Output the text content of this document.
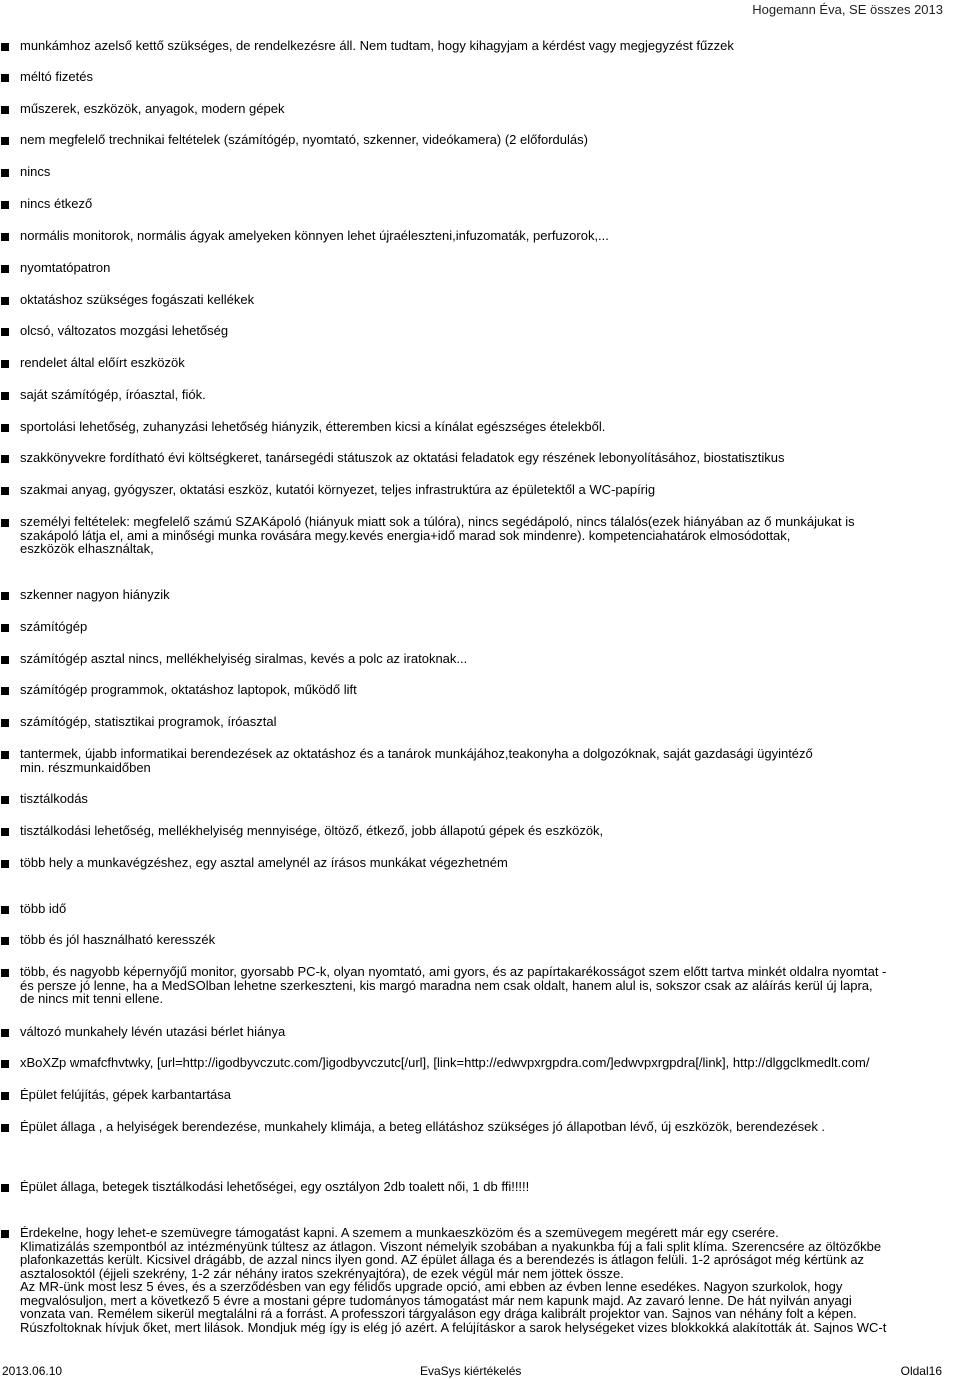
Hogemann Éva, SE összes 2013
munkámhoz azelső kettő szükséges, de rendelkezésre áll. Nem tudtam, hogy kihagyjam a kérdést vagy megjegyzést fűzzek
méltó fizetés
műszerek, eszközök, anyagok, modern gépek
nem megfelelő trechnikai feltételek (számítógép, nyomtató, szkenner, videókamera) (2 előfordulás)
nincs
nincs étkező
normális monitorok, normális ágyak amelyeken könnyen lehet újraéleszteni,infuzomaták, perfuzorok,...
nyomtatópatron
oktatáshoz szükséges fogászati kellékek
olcsó, változatos mozgási lehetőség
rendelet által előírt eszközök
saját számítógép, íróasztal, fiók.
sportolási lehetőség, zuhanyzási lehetőség hiányzik, étteremben kicsi a kínálat egészséges ételekből.
szakkönyvekre fordítható évi költségkeret, tanársegédi státuszok az oktatási feladatok egy részének lebonyolításához, biostatisztikus
szakmai anyag, gyógyszer, oktatási eszköz, kutatói környezet, teljes infrastruktúra az épületektől a WC-papírig
személyi feltételek: megfelelő számú SZAKápoló (hiányuk miatt sok a túlóra), nincs segédápoló, nincs tálalós(ezek hiányában az ő munkájukat is
szakápoló látja el, ami a minőségi munka rovására megy.kevés energia+idő marad sok mindenre). kompetenciahatárok elmosódottak,
eszközök elhasználtak,
szkenner nagyon hiányzik
számítógép
számítógép asztal nincs, mellékhelyiség siralmas, kevés a polc az iratoknak...
számítógép programmok, oktatáshoz laptopok, működő lift
számítógép, statisztikai programok, íróasztal
tantermek, újabb informatikai berendezések az oktatáshoz és a tanárok munkájához,teakonyha a dolgozóknak, saját gazdasági ügyintéző
min. részmunkaidőben
tisztálkodás
tisztálkodási lehetőség, mellékhelyiség mennyisége, öltöző, étkező, jobb állapotú gépek és eszközök,
több hely a munkavégzéshez, egy asztal amelynél az írásos munkákat végezhetném
több idő
több és jól használható keresszék
több, és nagyobb képernyőjű monitor, gyorsabb PC-k, olyan nyomtató, ami gyors, és az papírtakarékosságot szem előtt tartva minkét oldalra nyomtat -
és persze jó lenne, ha a MedSOlban lehetne szerkeszteni, kis margó maradna nem csak oldalt, hanem alul is, sokszor csak az aláírás kerül új lapra,
de nincs mit tenni ellene.
változó munkahely lévén utazási bérlet hiánya
xBoXZp wmafcfhvtwky, [url=http://igodbyvczutc.com/]igodbyvczutc[/url], [link=http://edwvpxrgpdra.com/]edwvpxrgpdra[/link], http://dlggclkmedlt.com/
Épület felújítás, gépek karbantartása
Épület állaga , a helyiségek berendezése, munkahely klimája, a beteg ellátáshoz szükséges jó állapotban lévő, új eszközök, berendezések .
Épület állaga, betegek tisztálkodási lehetőségei, egy osztályon 2db toalett női, 1 db ffi!!!!!
Érdekelne, hogy lehet-e szemüvegre támogatást kapni. A szemem a munkaeszközöm és a szemüvegem megérett már egy cserére.
Klimatizálás szempontból az intézményünk túltesz az átlagon. Viszont némelyik szobában a nyakunkba fúj a fali split klíma. Szerencsére az öltözőkbe
plafonkazettás került. Kicsivel drágább, de azzal nincs ilyen gond. AZ épület állaga és a berendezés is átlagon felüli. 1-2 apróságot még kértünk az
asztalosoktól (éjjeli szekrény, 1-2 zár néhány iratos szekrényajtóra), de ezek végül már nem jöttek össze.
Az MR-ünk most lesz 5 éves, és a szerződésben van egy félidős upgrade opció, ami ebben az évben lenne esedékes. Nagyon szurkolok, hogy
megvalósuljon, mert a következő 5 évre a mostani gépre tudományos támogatást már nem kapunk majd. Az zavaró lenne. De hát nyilván anyagi
vonzata van. Remélem sikerül megtalálni rá a forrást. A professzori tárgyaláson egy drága kalibrált projektor van. Sajnos van néhány folt a képen.
Rúszfoltoknak hívjuk őket, mert lilások. Mondjuk még így is elég jó azért. A felújításkor a sarok helységeket vizes blokkokká alakították át. Sajnos WC-t
2013.06.10	EvaSys kiértékelés	Oldal16
